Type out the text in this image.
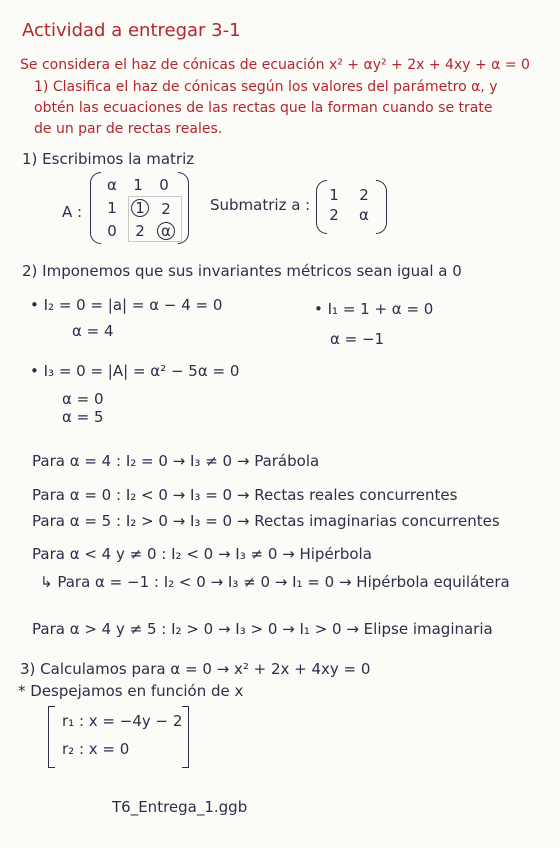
Actividad a entregar 3-1
Se considera el haz de cónicas de ecuación x² + αy² + 2x + 4xy + α = 0
1) Clasifica el haz de cónicas según los valores del parámetro α, y
obtén las ecuaciones de las rectas que la forman cuando se trate
de un par de rectas reales.
1) Escribimos la matriz
A :
α	1	0
1	1	2
0	2	α
Submatriz a :
1	2
2	α
2) Imponemos que sus invariantes métricos sean igual a 0
• I₂ = 0 = |a| = α − 4 = 0
α = 4
• I₁ = 1 + α = 0
α = −1
• I₃ = 0 = |A| = α² − 5α = 0
α = 0
α = 5
Para α = 4 : I₂ = 0 → I₃ ≠ 0 → Parábola
Para α = 0 : I₂ < 0 → I₃ = 0 → Rectas reales concurrentes
Para α = 5 : I₂ > 0 → I₃ = 0 → Rectas imaginarias concurrentes
Para α < 4 y ≠ 0 : I₂ < 0 → I₃ ≠ 0 → Hipérbola
↳ Para α = −1 : I₂ < 0 → I₃ ≠ 0 → I₁ = 0 → Hipérbola equilátera
Para α > 4 y ≠ 5 : I₂ > 0 → I₃ > 0 → I₁ > 0 → Elipse imaginaria
3) Calculamos para α = 0 → x² + 2x + 4xy = 0
* Despejamos en función de x
r₁ : x = −4y − 2
r₂ : x = 0
T6_Entrega_1.ggb
